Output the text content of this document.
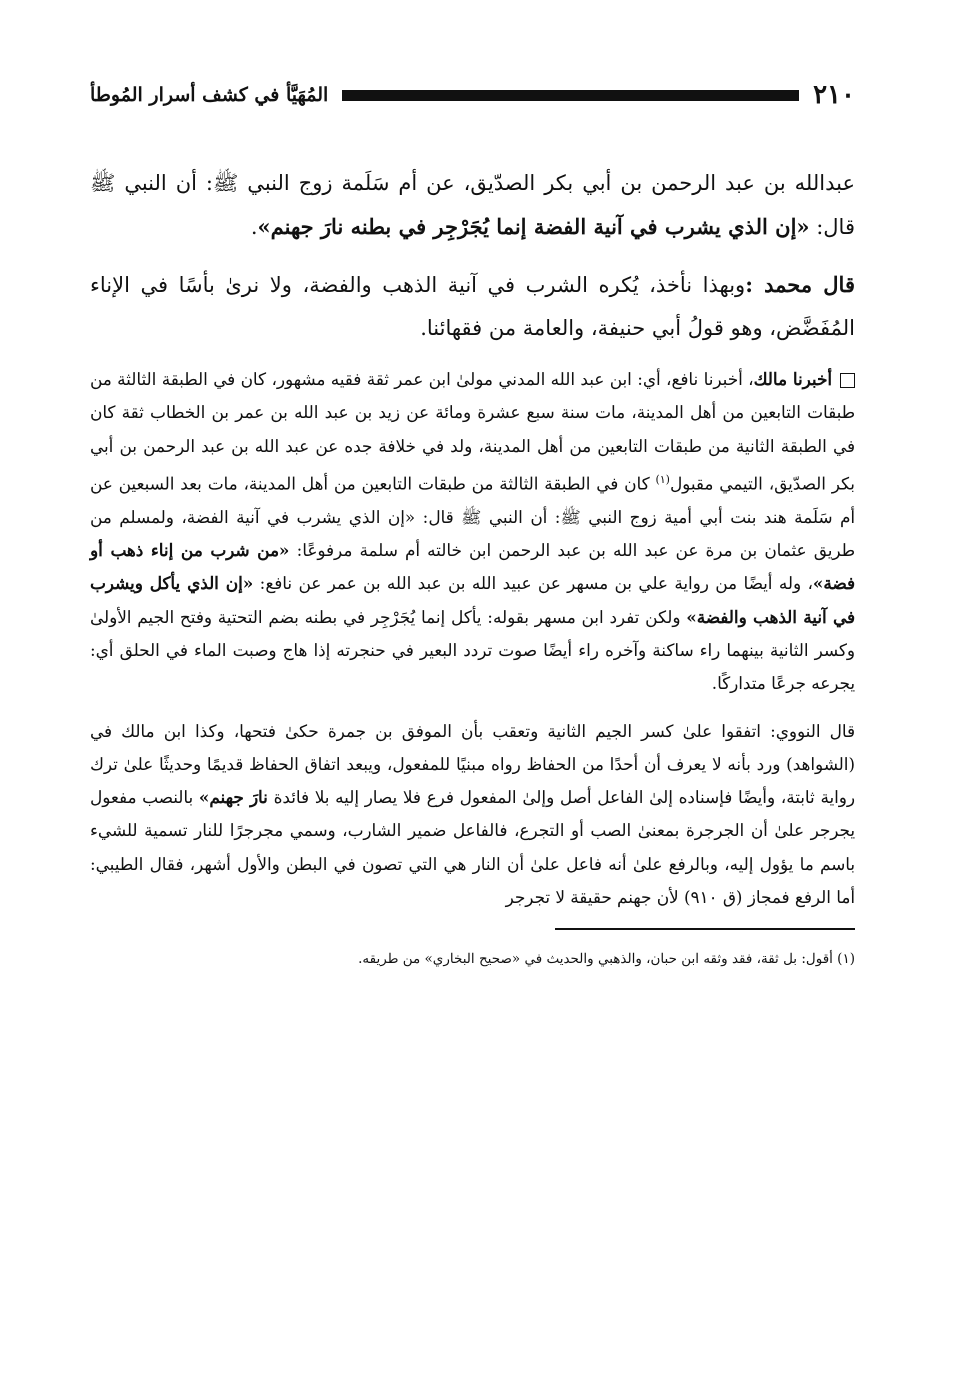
٢١٠
المُهَيَّأ في كشف أسرار المُوطأ

عبدالله بن عبد الرحمن بن أبي بكر الصدّيق، عن أم سَلَمة زوج النبي ﷺ: أن النبي ﷺ قال: «إن الذي يشرب في آنية الفضة إنما يُجَرْجِر في بطنه نارَ جهنم».

قال محمد :وبهذا نأخذ، يُكره الشرب في آنية الذهب والفضة، ولا نرىٰ بأسًا في الإناء المُفَضَّض، وهو قولُ أبي حنيفة، والعامة من فقهائنا.

أخبرنا مالك، أخبرنا نافع، أي: ابن عبد الله المدني مولىٰ ابن عمر ثقة فقيه مشهور، كان في الطبقة الثالثة من طبقات التابعين من أهل المدينة، مات سنة سبع عشرة ومائة عن زيد بن عبد الله بن عمر بن الخطاب ثقة كان في الطبقة الثانية من طبقات التابعين من أهل المدينة، ولد في خلافة جده عن عبد الله بن عبد الرحمن بن أبي بكر الصدّيق، التيمي مقبول$^{(١)}$ كان في الطبقة الثالثة من طبقات التابعين من أهل المدينة، مات بعد السبعين عن أم سَلَمة هند بنت أبي أمية زوج النبي ﷺ: أن النبي ﷺ قال: «إن الذي يشرب في آنية الفضة، ولمسلم من طريق عثمان بن مرة عن عبد الله بن عبد الرحمن ابن خالته أم سلمة مرفوعًا: «من شرب من إناء ذهب أو فضة»، وله أيضًا من رواية علي بن مسهر عن عبيد الله بن عبد الله بن عمر عن نافع: «إن الذي يأكل ويشرب في آنية الذهب والفضة» ولكن تفرد ابن مسهر بقوله: يأكل إنما يُجَرْجِر في بطنه بضم التحتية وفتح الجيم الأولىٰ وكسر الثانية بينهما راء ساكنة وآخره راء أيضًا صوت تردد البعير في حنجرته إذا هاج وصبت الماء في الحلق أي: يجرعه جرعًا متداركًا.

قال النووي: اتفقوا علىٰ كسر الجيم الثانية وتعقب بأن الموفق بن جمرة حكىٰ فتحها، وكذا ابن مالك في (الشواهد) ورد بأنه لا يعرف أن أحدًا من الحفاظ رواه مبنيًا للمفعول، ويبعد اتفاق الحفاظ قديمًا وحديثًا علىٰ ترك رواية ثابتة، وأيضًا فإسناده إلىٰ الفاعل أصل وإلىٰ المفعول فرع فلا يصار إليه بلا فائدة نارَ جهنم» بالنصب مفعول يجرجر علىٰ أن الجرجرة بمعنىٰ الصب أو التجرع، فالفاعل ضمير الشارب، وسمي مجرجرًا للنار تسمية للشيء باسم ما يؤول إليه، وبالرفع علىٰ أنه فاعل علىٰ أن النار هي التي تصون في البطن والأول أشهر، فقال الطيبي: أما الرفع فمجاز (ق ٩١٠) لأن جهنم حقيقة لا تجرجر

(١) أقول: بل ثقة، فقد وثقه ابن حبان، والذهبي والحديث في «صحيح البخاري» من طريقه.
